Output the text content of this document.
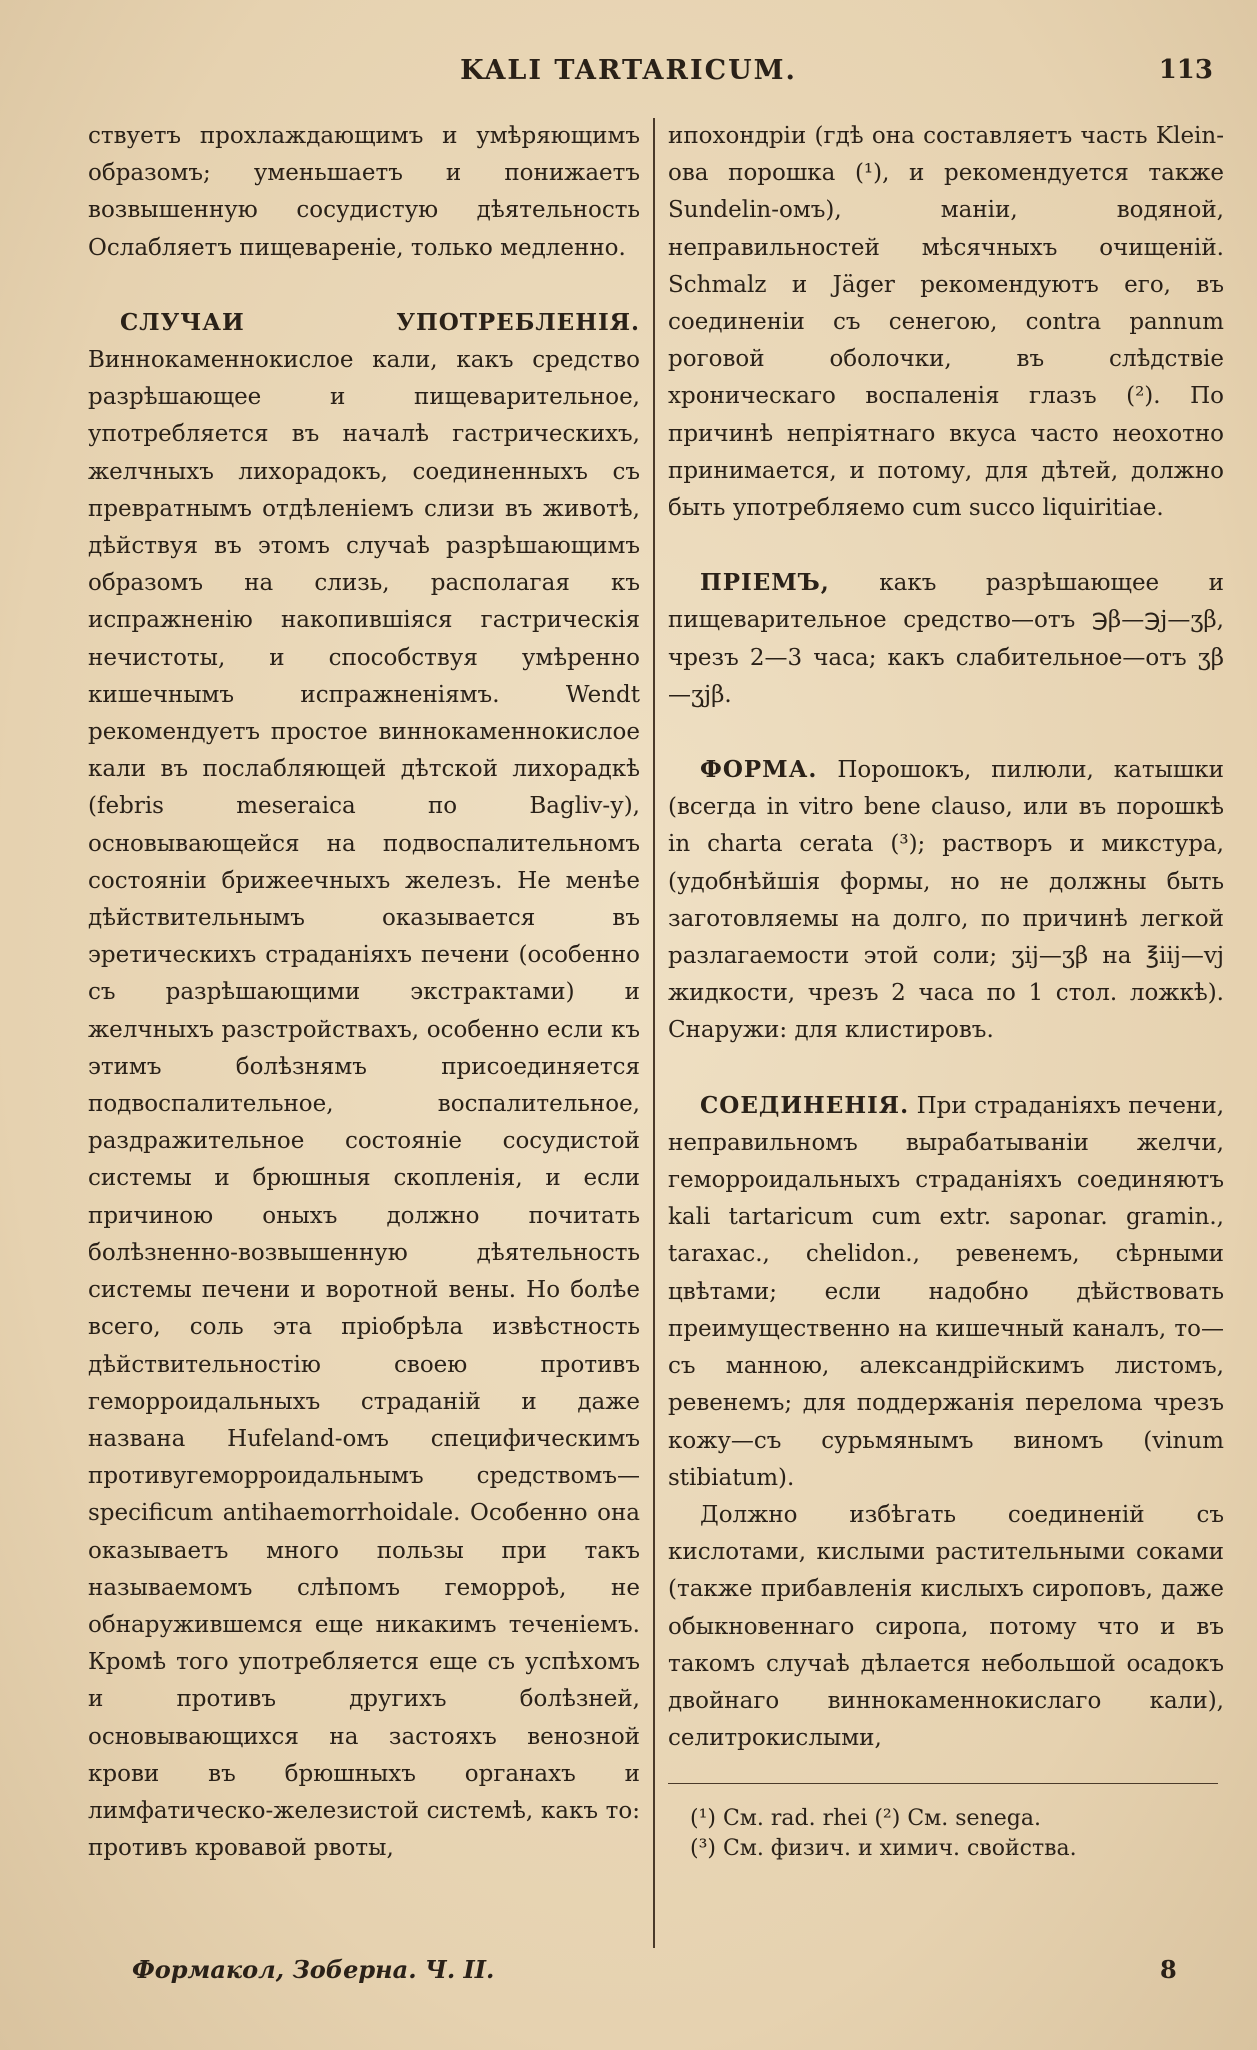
KALI TARTARICUM.	113

ствуетъ прохлаждающимъ и умѣряющимъ образомъ; уменьшаетъ и понижаетъ возвышенную сосудистую дѣятельность Ослабляетъ пищевареніе, только медленно.

СЛУЧАИ УПОТРЕБЛЕНІЯ. Виннокаменнокислое кали, какъ средство разрѣшающее и пищеварительное, употребляется въ началѣ гастрическихъ, желчныхъ лихорадокъ, соединенныхъ съ превратнымъ отдѣленіемъ слизи въ животѣ, дѣйствуя въ этомъ случаѣ разрѣшающимъ образомъ на слизь, располагая къ испражненію накопившіяся гастрическія нечистоты, и способствуя умѣренно кишечнымъ испражненіямъ. Wendt рекомендуетъ простое виннокаменнокислое кали въ послабляющей дѣтской лихорадкѣ (febris meseraica по Bagliv-у), основывающейся на подвоспалительномъ состояніи брижеечныхъ железъ. Не менѣе дѣйствительнымъ оказывается въ эретическихъ страданіяхъ печени (особенно съ разрѣшающими экстрактами) и желчныхъ разстройствахъ, особенно если къ этимъ болѣзнямъ присоединяется подвоспалительное, воспалительное, раздражительное состояніе сосудистой системы и брюшныя скопленія, и если причиною оныхъ должно почитать болѣзненно-возвышенную дѣятельность системы печени и воротной вены. Но болѣе всего, соль эта пріобрѣла извѣстность дѣйствительностію своею противъ геморроидальныхъ страданій и даже названа Hufeland-омъ специфическимъ противугеморроидальнымъ средствомъ—specificum antihaemorrhoidale. Особенно она оказываетъ много пользы при такъ называемомъ слѣпомъ геморроѣ, не обнаружившемся еще никакимъ теченіемъ. Кромѣ того употребляется еще съ успѣхомъ и противъ другихъ болѣзней, основывающихся на застояхъ венозной крови въ брюшныхъ органахъ и лимфатическо-железистой системѣ, какъ то: противъ кровавой рвоты,

ипохондріи (гдѣ она составляетъ часть Klein-ова порошка (¹), и рекомендуется также Sundelin-омъ), маніи, водяной, неправильностей мѣсячныхъ очищеній. Schmalz и Jäger рекомендуютъ его, въ соединеніи съ сенегою, contra pannum роговой оболочки, въ слѣдствіе хроническаго воспаленія глазъ (²). По причинѣ непріятнаго вкуса часто неохотно принимается, и потому, для дѣтей, должно быть употребляемо cum succo liquiritiae.

ПРІЕМЪ, какъ разрѣшающее и пищеварительное средство—отъ ℈β—℈j—ʒβ, чрезъ 2—3 часа; какъ слабительное—отъ ʒβ—ʒjβ.

ФОРМА. Порошокъ, пилюли, катышки (всегда in vitro bene clauso, или въ порошкѣ in charta cerata (³); растворъ и микстура, (удобнѣйшія формы, но не должны быть заготовляемы на долго, по причинѣ легкой разлагаемости этой соли; ʒij—ʒβ на ℥iij—vj жидкости, чрезъ 2 часа по 1 стол. ложкѣ). Снаружи: для клистировъ.

СОЕДИНЕНІЯ. При страданіяхъ печени, неправильномъ вырабатываніи желчи, геморроидальныхъ страданіяхъ соединяютъ kali tartaricum cum extr. saponar. gramin., taraxac., chelidon., ревенемъ, сѣрными цвѣтами; если надобно дѣйствовать преимущественно на кишечный каналъ, то—съ манною, александрійскимъ листомъ, ревенемъ; для поддержанія перелома чрезъ кожу—съ сурьмянымъ виномъ (vinum stibiatum).

Должно избѣгать соединеній съ кислотами, кислыми растительными соками (также прибавленія кислыхъ сироповъ, даже обыкновеннаго сиропа, потому что и въ такомъ случаѣ дѣлается небольшой осадокъ двойнаго виннокаменнокислаго кали), селитрокислыми,

(¹) См. rad. rhei (²) См. senega.
(³) См. физич. и химич. свойства.
Формакол, Зоберна. Ч. II.	8
